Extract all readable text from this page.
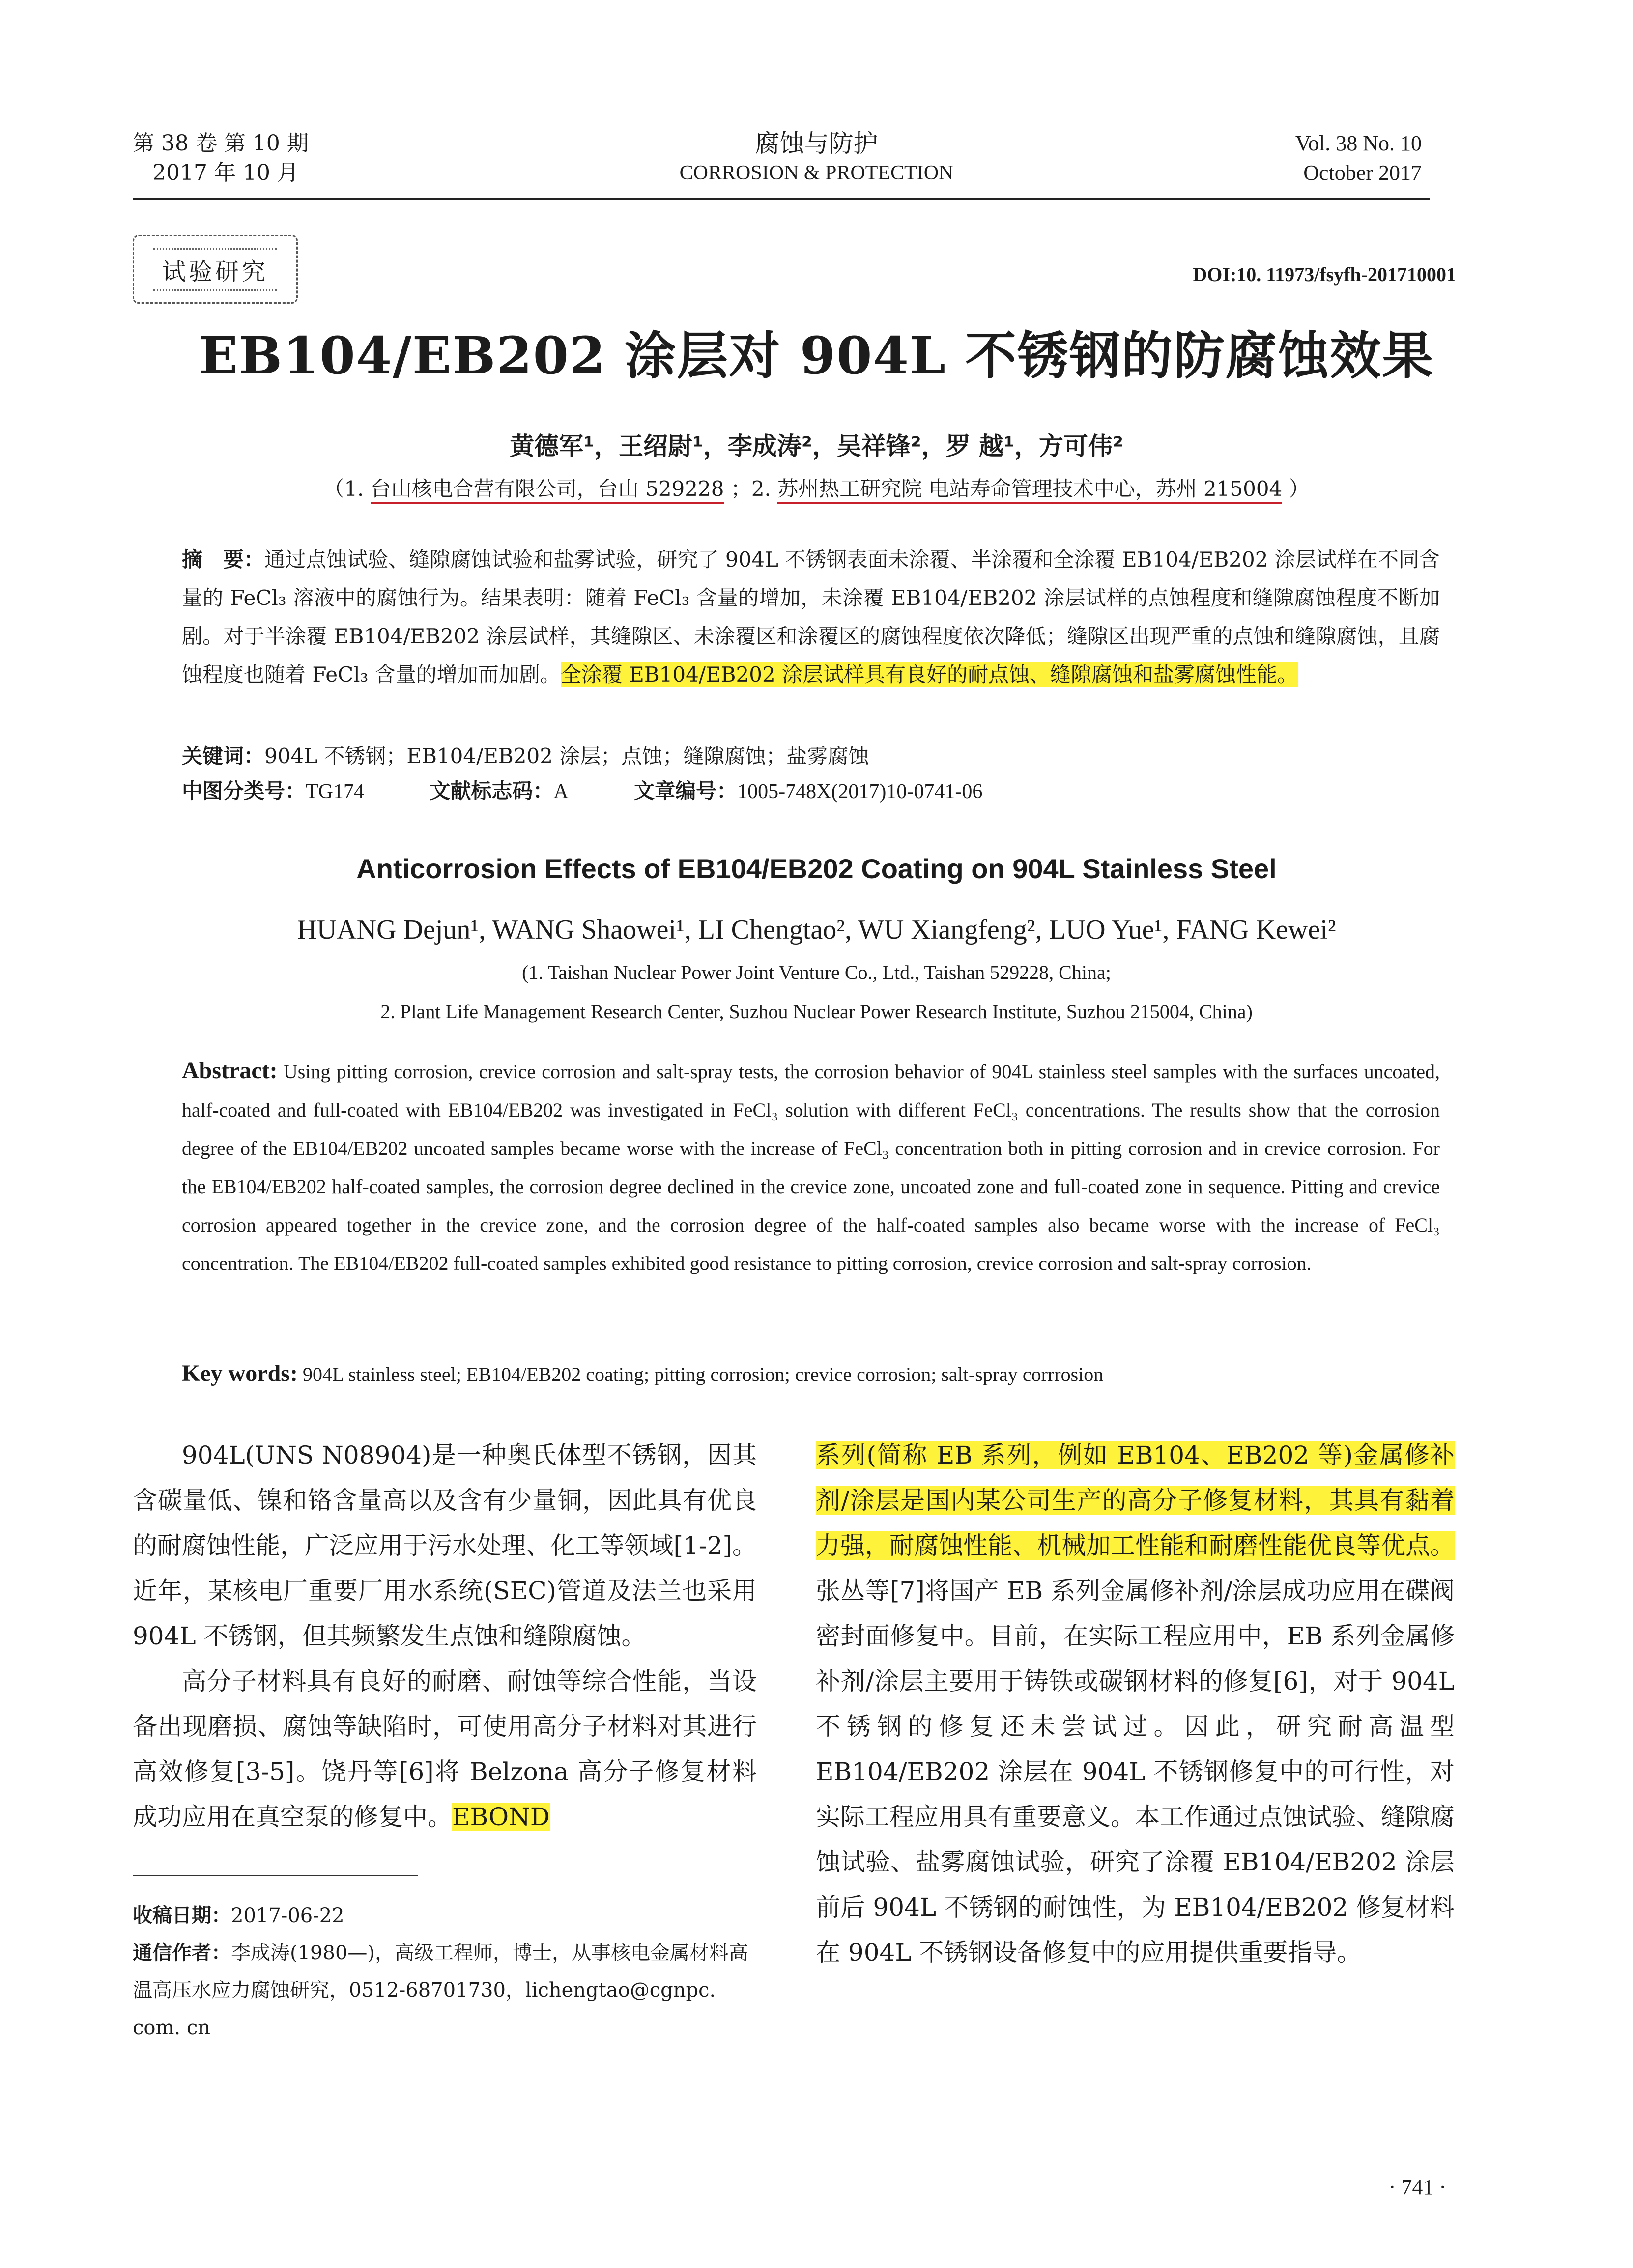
第 38 卷 第 10 期
2017 年 10 月
腐蚀与防护
CORROSION & PROTECTION
Vol. 38 No. 10
October 2017
试验研究	DOI:10. 11973/fsyfh-201710001
EB104/EB202 涂层对 904L 不锈钢的防腐蚀效果
黄德军¹，王绍尉¹，李成涛²，吴祥锋²，罗 越¹，方可伟²
（1. 台山核电合营有限公司，台山 529228 ；2. 苏州热工研究院 电站寿命管理技术中心，苏州 215004 ）
摘　要：通过点蚀试验、缝隙腐蚀试验和盐雾试验，研究了 904L 不锈钢表面未涂覆、半涂覆和全涂覆 EB104/EB202 涂层试样在不同含量的 FeCl₃ 溶液中的腐蚀行为。结果表明：随着 FeCl₃ 含量的增加，未涂覆 EB104/EB202 涂层试样的点蚀程度和缝隙腐蚀程度不断加剧。对于半涂覆 EB104/EB202 涂层试样，其缝隙区、未涂覆区和涂覆区的腐蚀程度依次降低；缝隙区出现严重的点蚀和缝隙腐蚀，且腐蚀程度也随着 FeCl₃ 含量的增加而加剧。全涂覆 EB104/EB202 涂层试样具有良好的耐点蚀、缝隙腐蚀和盐雾腐蚀性能。
关键词：904L 不锈钢；EB104/EB202 涂层；点蚀；缝隙腐蚀；盐雾腐蚀
中图分类号：TG174	文献标志码：A	文章编号：1005-748X(2017)10-0741-06
Anticorrosion Effects of EB104/EB202 Coating on 904L Stainless Steel
HUANG Dejun¹, WANG Shaowei¹, LI Chengtao², WU Xiangfeng², LUO Yue¹, FANG Kewei²
(1. Taishan Nuclear Power Joint Venture Co., Ltd., Taishan 529228, China;
2. Plant Life Management Research Center, Suzhou Nuclear Power Research Institute, Suzhou 215004, China)
Abstract: Using pitting corrosion, crevice corrosion and salt-spray tests, the corrosion behavior of 904L stainless steel samples with the surfaces uncoated, half-coated and full-coated with EB104/EB202 was investigated in FeCl₃ solution with different FeCl₃ concentrations. The results show that the corrosion degree of the EB104/EB202 uncoated samples became worse with the increase of FeCl₃ concentration both in pitting corrosion and in crevice corrosion. For the EB104/EB202 half-coated samples, the corrosion degree declined in the crevice zone, uncoated zone and full-coated zone in sequence. Pitting and crevice corrosion appeared together in the crevice zone, and the corrosion degree of the half-coated samples also became worse with the increase of FeCl₃ concentration. The EB104/EB202 full-coated samples exhibited good resistance to pitting corrosion, crevice corrosion and salt-spray corrosion.
Key words: 904L stainless steel; EB104/EB202 coating; pitting corrosion; crevice corrosion; salt-spray corrrosion

904L(UNS N08904)是一种奥氏体型不锈钢，因其含碳量低、镍和铬含量高以及含有少量铜，因此具有优良的耐腐蚀性能，广泛应用于污水处理、化工等领域[1-2]。近年，某核电厂重要厂用水系统(SEC)管道及法兰也采用 904L 不锈钢，但其频繁发生点蚀和缝隙腐蚀。

高分子材料具有良好的耐磨、耐蚀等综合性能，当设备出现磨损、腐蚀等缺陷时，可使用高分子材料对其进行高效修复[3-5]。饶丹等[6]将 Belzona 高分子修复材料成功应用在真空泵的修复中。EBOND

系列(简称 EB 系列，例如 EB104、EB202 等)金属修补剂/涂层是国内某公司生产的高分子修复材料，其具有黏着力强，耐腐蚀性能、机械加工性能和耐磨性能优良等优点。张丛等[7]将国产 EB 系列金属修补剂/涂层成功应用在碟阀密封面修复中。目前，在实际工程应用中，EB 系列金属修补剂/涂层主要用于铸铁或碳钢材料的修复[6]，对于 904L 不锈钢的修复还未尝试过。因此，研究耐高温型 EB104/EB202 涂层在 904L 不锈钢修复中的可行性，对实际工程应用具有重要意义。本工作通过点蚀试验、缝隙腐蚀试验、盐雾腐蚀试验，研究了涂覆 EB104/EB202 涂层前后 904L 不锈钢的耐蚀性，为 EB104/EB202 修复材料在 904L 不锈钢设备修复中的应用提供重要指导。

收稿日期：2017-06-22
通信作者：李成涛(1980—)，高级工程师，博士，从事核电金属材料高温高压水应力腐蚀研究，0512-68701730，lichengtao@cgnpc. com. cn
· 741 ·
